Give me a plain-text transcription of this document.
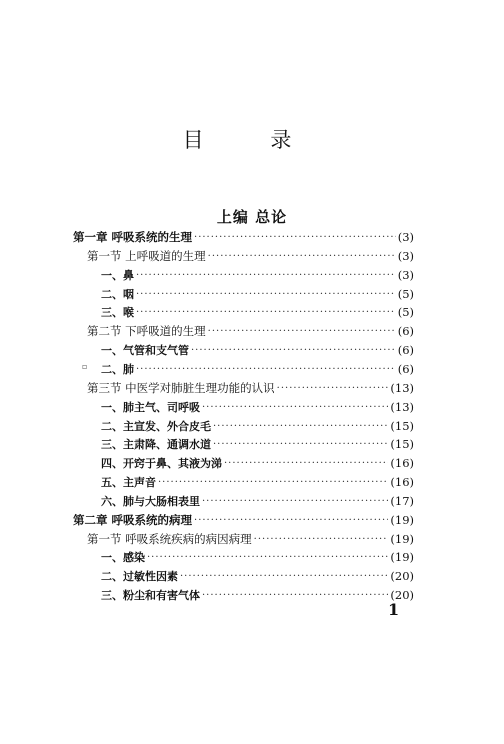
目 录
上编 总论
第一章 呼吸系统的生理 ·····	(3)
第一节 上呼吸道的生理 ·····	(3)
一、鼻 ·····	(3)
二、咽 ·····	(5)
三、喉 ·····	(5)
第二节 下呼吸道的生理 ·····	(6)
一、气管和支气管 ·····	(6)
二、肺 ·····	(6)
第三节 中医学对肺脏生理功能的认识 ·····	(13)
一、肺主气、司呼吸 ·····	(13)
二、主宣发、外合皮毛 ·····	(15)
三、主肃降、通调水道 ·····	(15)
四、开窍于鼻、其液为涕 ·····	(16)
五、主声音 ·····	(16)
六、肺与大肠相表里 ·····	(17)
第二章 呼吸系统的病理 ·····	(19)
第一节 呼吸系统疾病的病因病理 ·····	(19)
一、感染 ·····	(19)
二、过敏性因素 ·····	(20)
三、粉尘和有害气体 ·····	(20)
▫
1
